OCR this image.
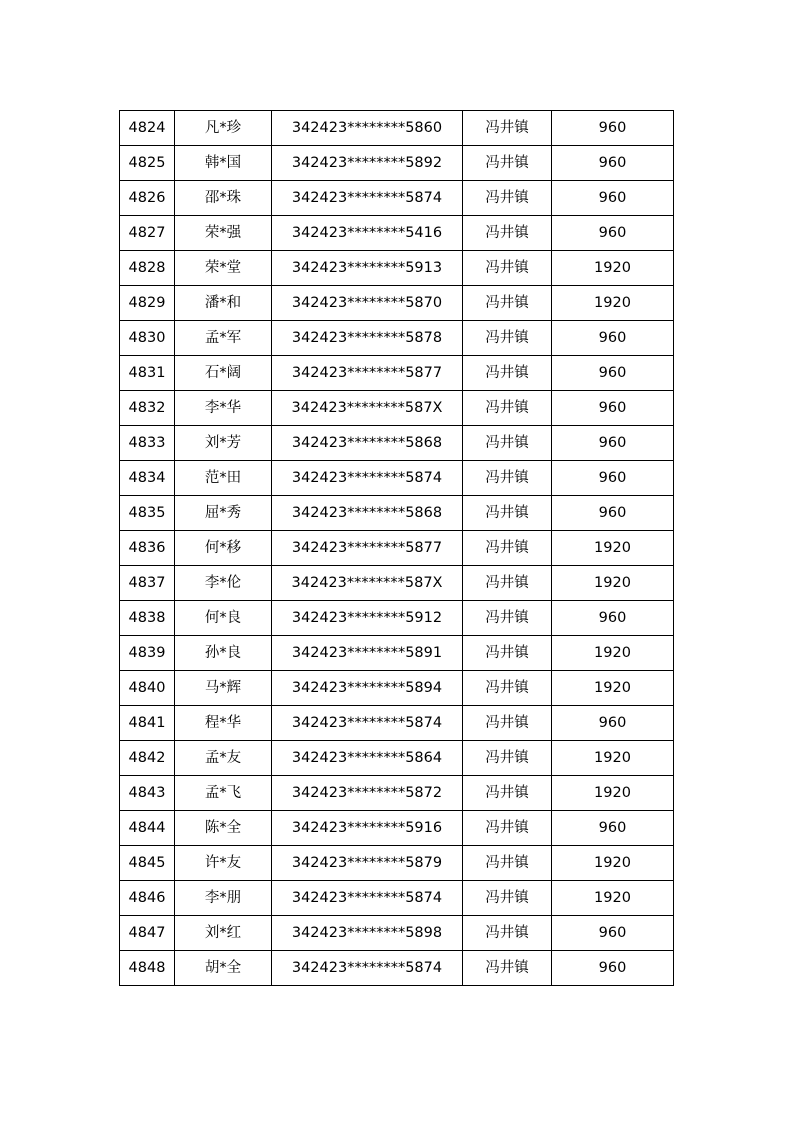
4824	凡*珍	342423********5860	冯井镇	960
4825	韩*国	342423********5892	冯井镇	960
4826	邵*珠	342423********5874	冯井镇	960
4827	荣*强	342423********5416	冯井镇	960
4828	荣*堂	342423********5913	冯井镇	1920
4829	潘*和	342423********5870	冯井镇	1920
4830	孟*军	342423********5878	冯井镇	960
4831	石*阔	342423********5877	冯井镇	960
4832	李*华	342423********587X	冯井镇	960
4833	刘*芳	342423********5868	冯井镇	960
4834	范*田	342423********5874	冯井镇	960
4835	屈*秀	342423********5868	冯井镇	960
4836	何*移	342423********5877	冯井镇	1920
4837	李*伦	342423********587X	冯井镇	1920
4838	何*良	342423********5912	冯井镇	960
4839	孙*良	342423********5891	冯井镇	1920
4840	马*辉	342423********5894	冯井镇	1920
4841	程*华	342423********5874	冯井镇	960
4842	孟*友	342423********5864	冯井镇	1920
4843	孟*飞	342423********5872	冯井镇	1920
4844	陈*全	342423********5916	冯井镇	960
4845	许*友	342423********5879	冯井镇	1920
4846	李*朋	342423********5874	冯井镇	1920
4847	刘*红	342423********5898	冯井镇	960
4848	胡*全	342423********5874	冯井镇	960
